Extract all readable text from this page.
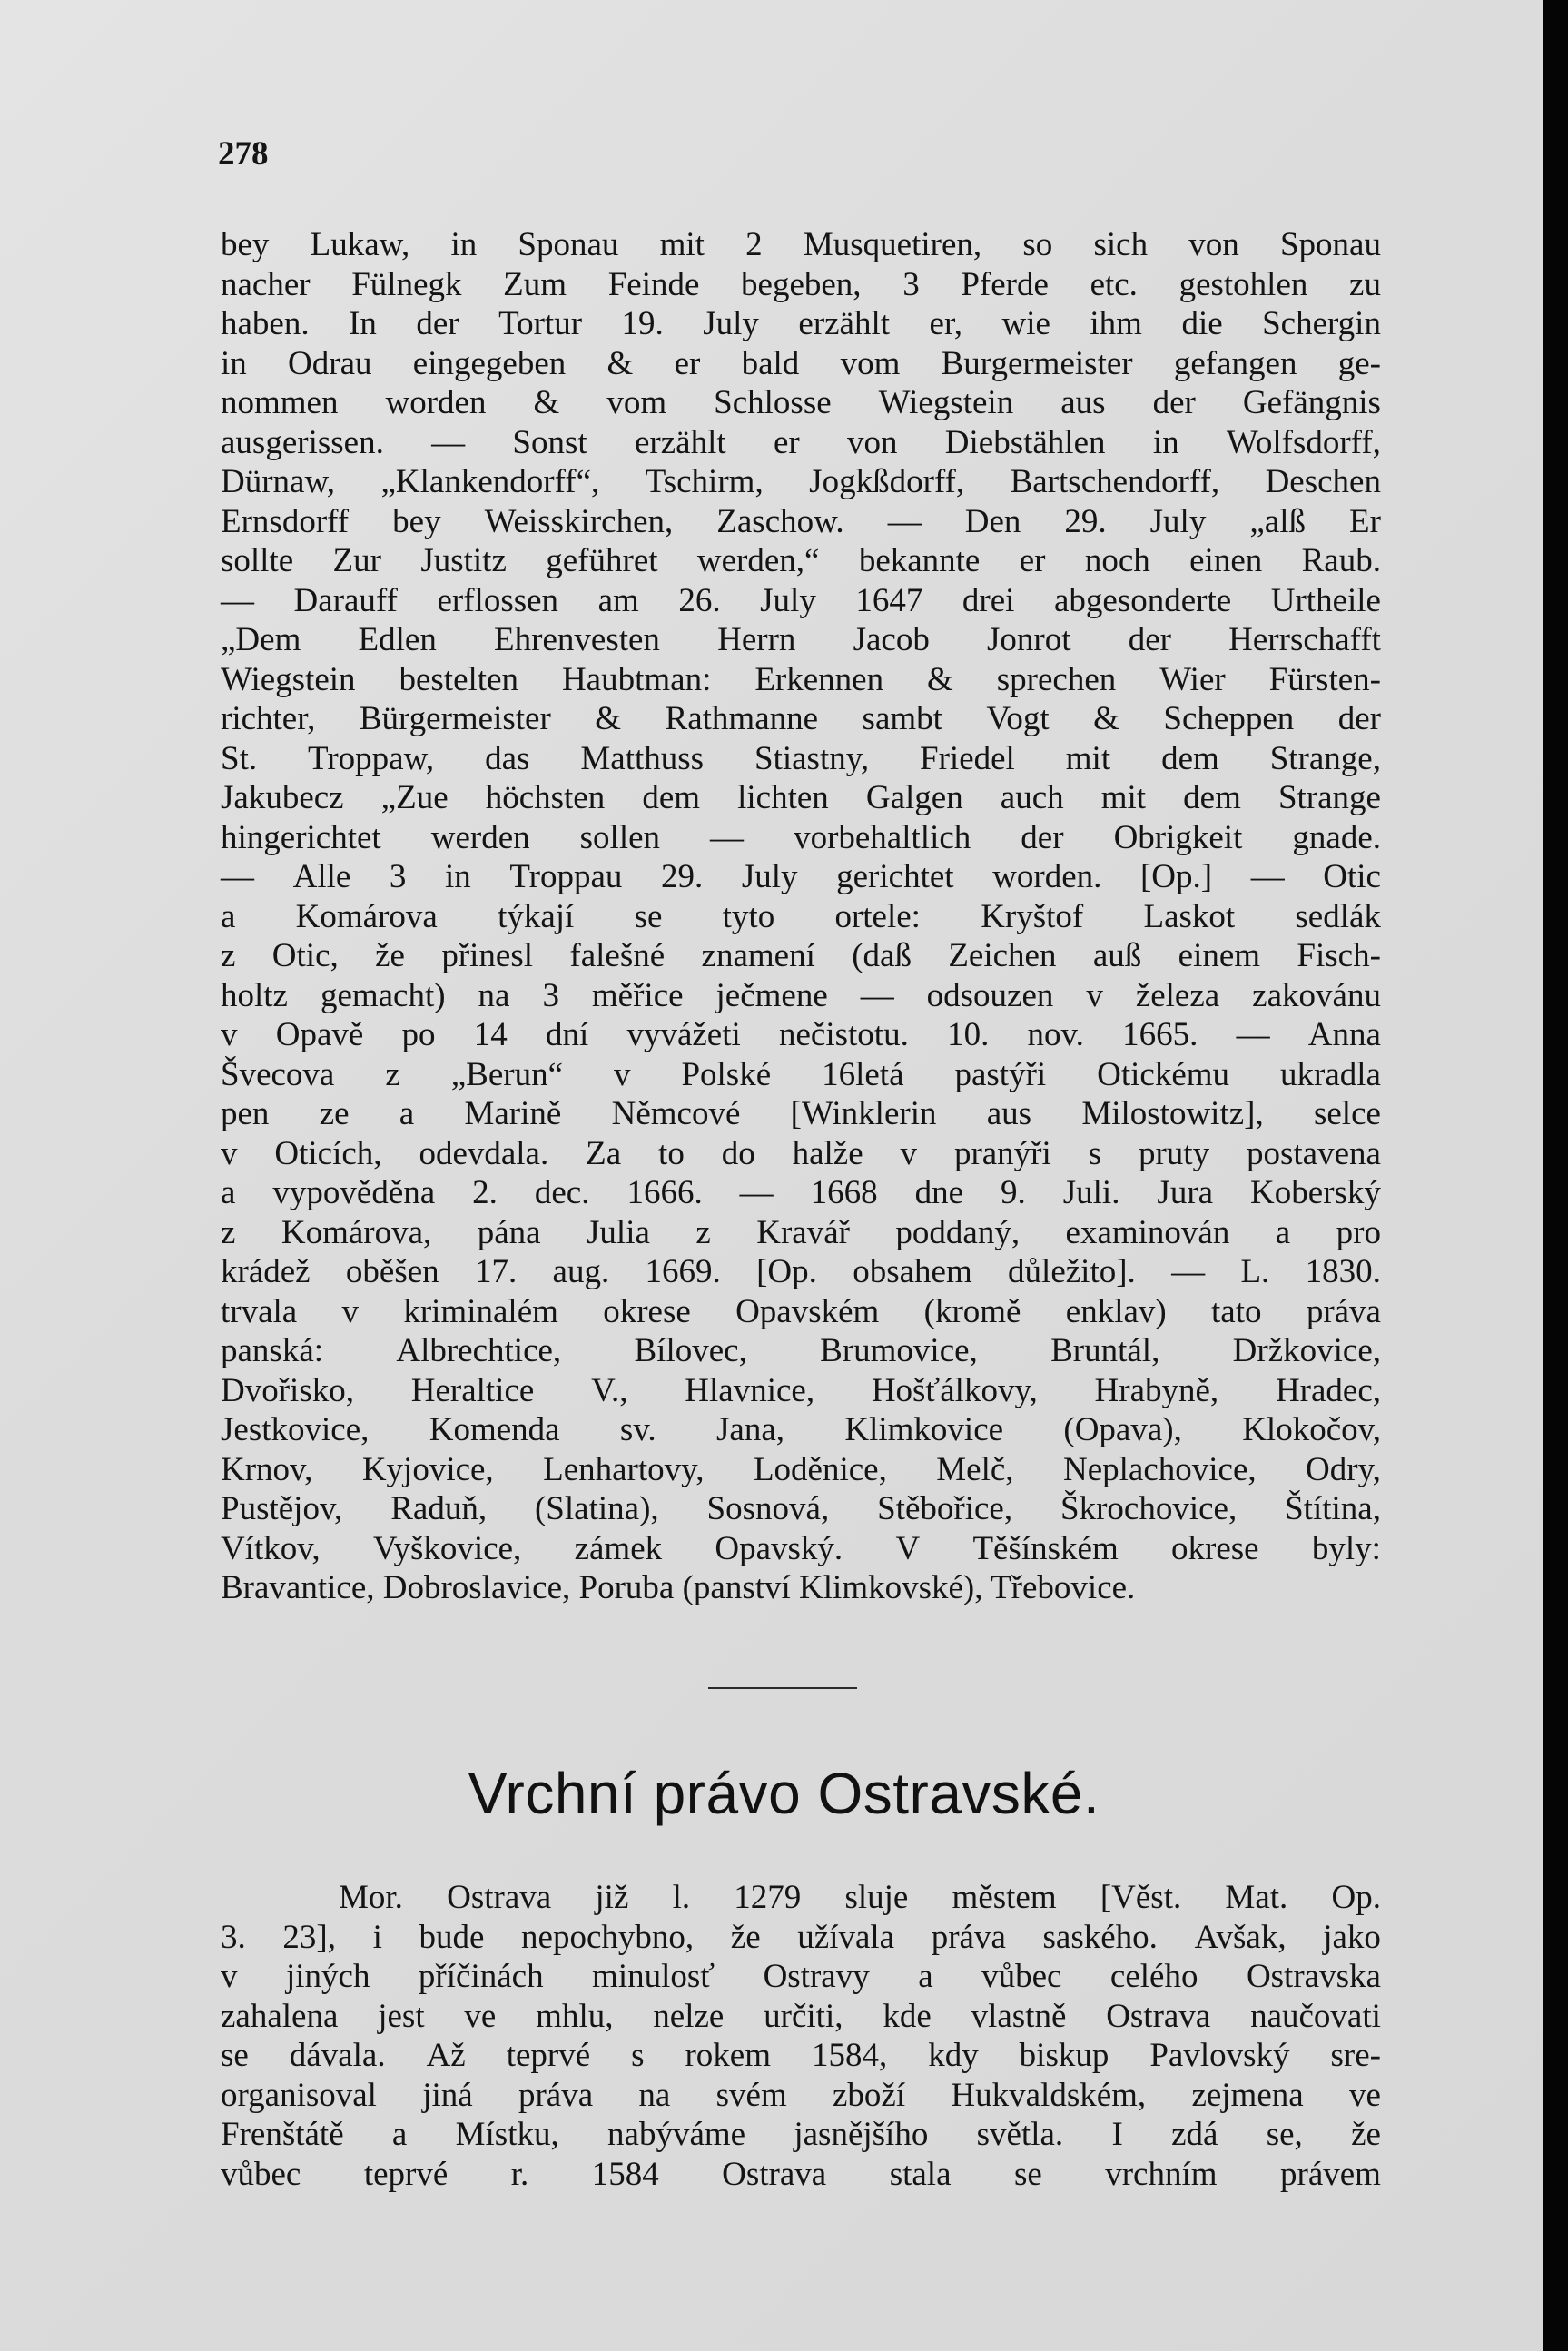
278
bey Lukaw, in Sponau mit 2 Musquetiren, so sich von Sponau
nacher Fülnegk Zum Feinde begeben, 3 Pferde etc. gestohlen zu
haben. In der Tortur 19. July erzählt er, wie ihm die Schergin
in Odrau eingegeben & er bald vom Burgermeister gefangen ge-
nommen worden & vom Schlosse Wiegstein aus der Gefängnis
ausgerissen. — Sonst erzählt er von Diebstählen in Wolfsdorff,
Dürnaw, „Klankendorff“, Tschirm, Jogkßdorff, Bartschendorff, Deschen
Ernsdorff bey Weisskirchen, Zaschow. — Den 29. July „alß Er
sollte Zur Justitz geführet werden,“ bekannte er noch einen Raub.
— Darauff erflossen am 26. July 1647 drei abgesonderte Urtheile
„Dem Edlen Ehrenvesten Herrn Jacob Jonrot der Herrschafft
Wiegstein bestelten Haubtman: Erkennen & sprechen Wier Fürsten-
richter, Bürgermeister & Rathmanne sambt Vogt & Scheppen der
St. Troppaw, das Matthuss Stiastny, Friedel mit dem Strange,
Jakubecz „Zue höchsten dem lichten Galgen auch mit dem Strange
hingerichtet werden sollen — vorbehaltlich der Obrigkeit gnade.
— Alle 3 in Troppau 29. July gerichtet worden. [Op.] — Otic
a Komárova týkají se tyto ortele: Kryštof Laskot sedlák
z Otic, že přinesl falešné znamení (daß Zeichen auß einem Fisch-
holtz gemacht) na 3 měřice ječmene — odsouzen v železa zakovánu
v Opavě po 14 dní vyvážeti nečistotu. 10. nov. 1665. — Anna
Švecova z „Berun“ v Polské 16letá pastýři Otickému ukradla
pen ze a Marině Němcové [Winklerin aus Milostowitz], selce
v Oticích, odevdala. Za to do halže v pranýři s pruty postavena
a vypověděna 2. dec. 1666. — 1668 dne 9. Juli. Jura Koberský
z Komárova, pána Julia z Kravář poddaný, examinován a pro
krádež oběšen 17. aug. 1669. [Op. obsahem důležito]. — L. 1830.
trvala v kriminalém okrese Opavském (kromě enklav) tato práva
panská: Albrechtice, Bílovec, Brumovice, Bruntál, Držkovice,
Dvořisko, Heraltice V., Hlavnice, Hošťálkovy, Hrabyně, Hradec,
Jestkovice, Komenda sv. Jana, Klimkovice (Opava), Klokočov,
Krnov, Kyjovice, Lenhartovy, Loděnice, Melč, Neplachovice, Odry,
Pustějov, Raduň, (Slatina), Sosnová, Stěbořice, Škrochovice, Štítina,
Vítkov, Vyškovice, zámek Opavský. V Těšínském okrese byly:
Bravantice, Dobroslavice, Poruba (panství Klimkovské), Třebovice.
Vrchní právo Ostravské.
Mor. Ostrava již l. 1279 sluje městem [Věst. Mat. Op.
3. 23], i bude nepochybno, že užívala práva saského. Avšak, jako
v jiných příčinách minulosť Ostravy a vůbec celého Ostravska
zahalena jest ve mhlu, nelze určiti, kde vlastně Ostrava naučovati
se dávala. Až teprvé s rokem 1584, kdy biskup Pavlovský sre-
organisoval jiná práva na svém zboží Hukvaldském, zejmena ve
Frenštátě a Místku, nabýváme jasnějšího světla. I zdá se, že
vůbec teprvé r. 1584 Ostrava stala se vrchním právem
